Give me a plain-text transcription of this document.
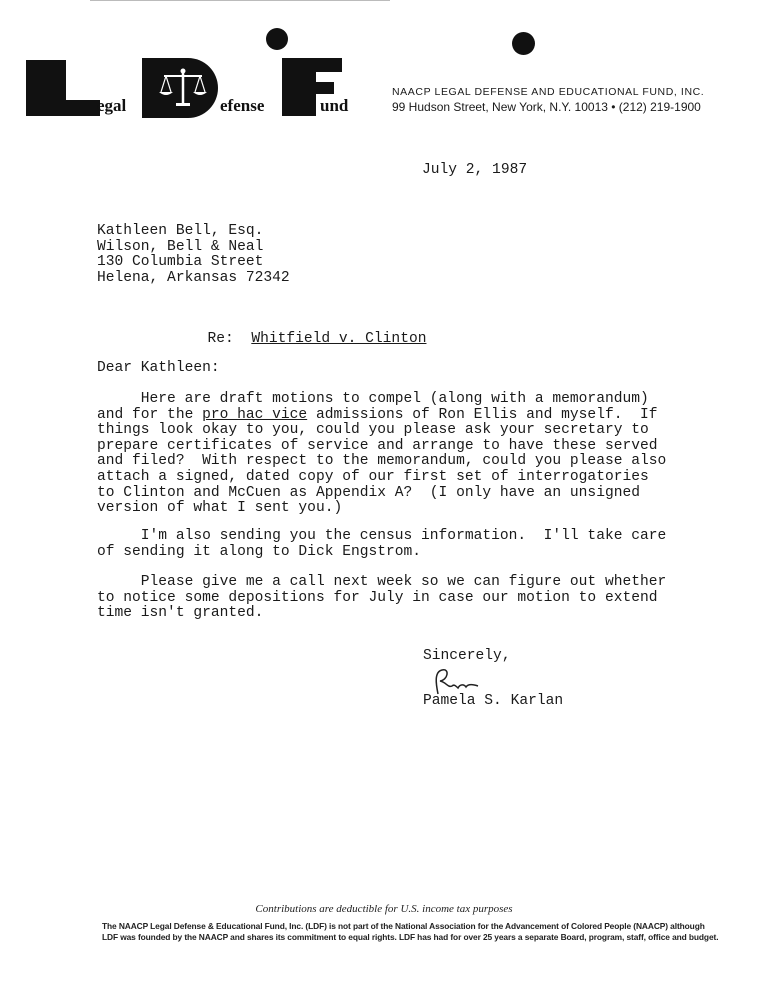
egal	efense	und
NAACP LEGAL DEFENSE AND EDUCATIONAL FUND, INC.
99 Hudson Street, New York, N.Y. 10013 • (212) 219-1900
July 2, 1987
Kathleen Bell, Esq.
Wilson, Bell & Neal
130 Columbia Street
Helena, Arkansas 72342

Re: Whitfield v. Clinton

Dear Kathleen:
Here are draft motions to compel (along with a memorandum)
and for the pro hac vice admissions of Ron Ellis and myself.  If
things look okay to you, could you please ask your secretary to
prepare certificates of service and arrange to have these served
and filed?  With respect to the memorandum, could you please also
attach a signed, dated copy of our first set of interrogatories
to Clinton and McCuen as Appendix A?  (I only have an unsigned
version of what I sent you.)
I'm also sending you the census information.  I'll take care
of sending it along to Dick Engstrom.
Please give me a call next week so we can figure out whether
to notice some depositions for July in case our motion to extend
time isn't granted.
Sincerely,
Pamela S. Karlan
Contributions are deductible for U.S. income tax purposes
The NAACP Legal Defense & Educational Fund, Inc. (LDF) is not part of the National Association for the Advancement of Colored People (NAACP) although
LDF was founded by the NAACP and shares its commitment to equal rights. LDF has had for over 25 years a separate Board, program, staff, office and budget.
